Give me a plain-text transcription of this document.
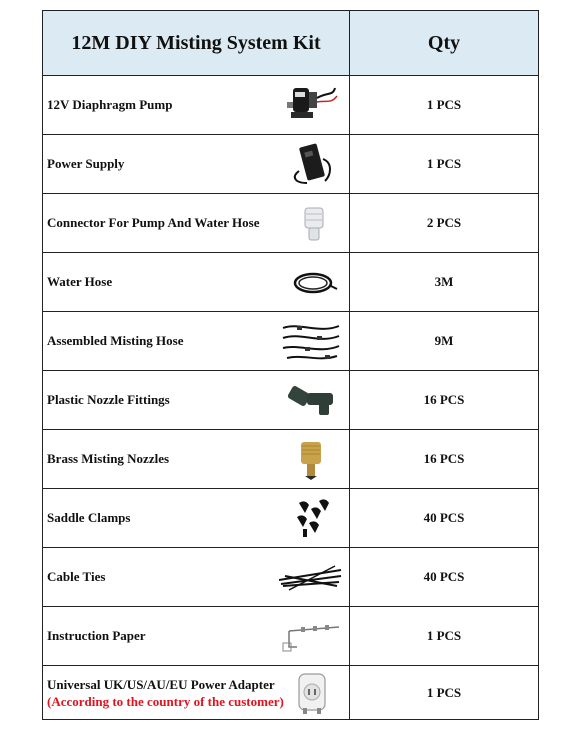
12M DIY Misting System Kit	Qty

12V Diaphragm Pump	1 PCS

Power Supply	1 PCS

Connector For Pump And Water Hose	2 PCS

Water Hose	3M

Assembled Misting Hose	9M

Plastic Nozzle Fittings	16 PCS

Brass Misting Nozzles	16 PCS

Saddle Clamps	40 PCS

Cable Ties	40 PCS

Instruction Paper	1 PCS

Universal UK/US/AU/EU Power Adapter
(According to the country of the customer)	1 PCS
